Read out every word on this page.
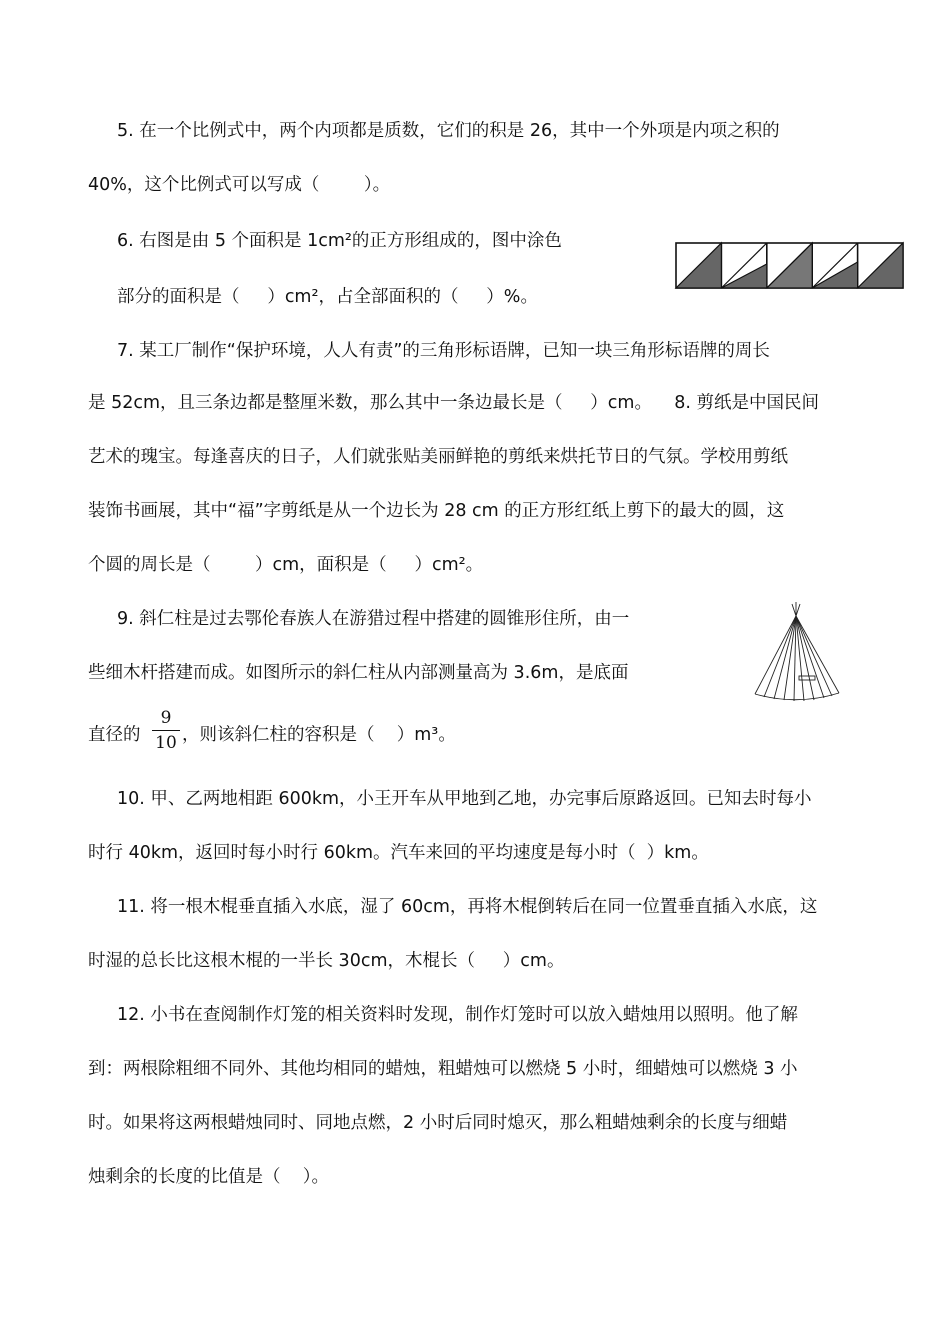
5. 在一个比例式中，两个内项都是质数，它们的积是 26，其中一个外项是内项之积的
40%，这个比例式可以写成（        ）。
6. 右图是由 5 个面积是 1cm²的正方形组成的，图中涂色
部分的面积是（     ）cm²，占全部面积的（     ）%。
7. 某工厂制作“保护环境，人人有责”的三角形标语牌，已知一块三角形标语牌的周长
是 52cm，且三条边都是整厘米数，那么其中一条边最长是（     ）cm。    8. 剪纸是中国民间
艺术的瑰宝。每逢喜庆的日子，人们就张贴美丽鲜艳的剪纸来烘托节日的气氛。学校用剪纸
装饰书画展，其中“福”字剪纸是从一个边长为 28 cm 的正方形红纸上剪下的最大的圆，这
个圆的周长是（        ）cm，面积是（     ）cm²。
9. 斜仁柱是过去鄂伦春族人在游猎过程中搭建的圆锥形住所，由一
些细木杆搭建而成。如图所示的斜仁柱从内部测量高为 3.6m，是底面
直径的
9
10 ，则该斜仁柱的容积是（    ）m³。
10. 甲、乙两地相距 600km，小王开车从甲地到乙地，办完事后原路返回。已知去时每小
时行 40km，返回时每小时行 60km。汽车来回的平均速度是每小时（  ）km。
11. 将一根木棍垂直插入水底，湿了 60cm，再将木棍倒转后在同一位置垂直插入水底，这
时湿的总长比这根木棍的一半长 30cm，木棍长（     ）cm。
12. 小书在查阅制作灯笼的相关资料时发现，制作灯笼时可以放入蜡烛用以照明。他了解
到：两根除粗细不同外、其他均相同的蜡烛，粗蜡烛可以燃烧 5 小时，细蜡烛可以燃烧 3 小
时。如果将这两根蜡烛同时、同地点燃，2 小时后同时熄灭，那么粗蜡烛剩余的长度与细蜡
烛剩余的长度的比值是（    ）。
